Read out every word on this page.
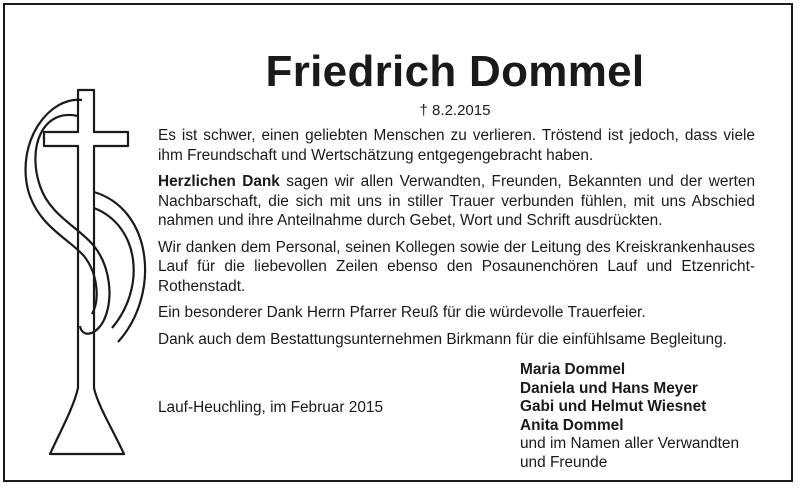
Friedrich Dommel
† 8.2.2015

Es ist schwer, einen geliebten Menschen zu verlieren. Tröstend ist jedoch, dass viele ihm Freundschaft und Wertschätzung entgegengebracht haben.

Herzlichen Dank sagen wir allen Verwandten, Freunden, Bekannten und der werten Nachbarschaft, die sich mit uns in stiller Trauer verbunden fühlen, mit uns Abschied nahmen und ihre Anteilnahme durch Gebet, Wort und Schrift ausdrückten.

Wir danken dem Personal, seinen Kollegen sowie der Leitung des Kreiskrankenhauses Lauf für die liebevollen Zeilen ebenso den Posaunenchören Lauf und Etzenricht-Rothenstadt.

Ein besonderer Dank Herrn Pfarrer Reuß für die würdevolle Trauerfeier.

Dank auch dem Bestattungsunternehmen Birkmann für die einfühlsame Begleitung.

Lauf-Heuchling, im Februar 2015
Maria Dommel
Daniela und Hans Meyer
Gabi und Helmut Wiesnet
Anita Dommel
und im Namen aller Verwandten
und Freunde
